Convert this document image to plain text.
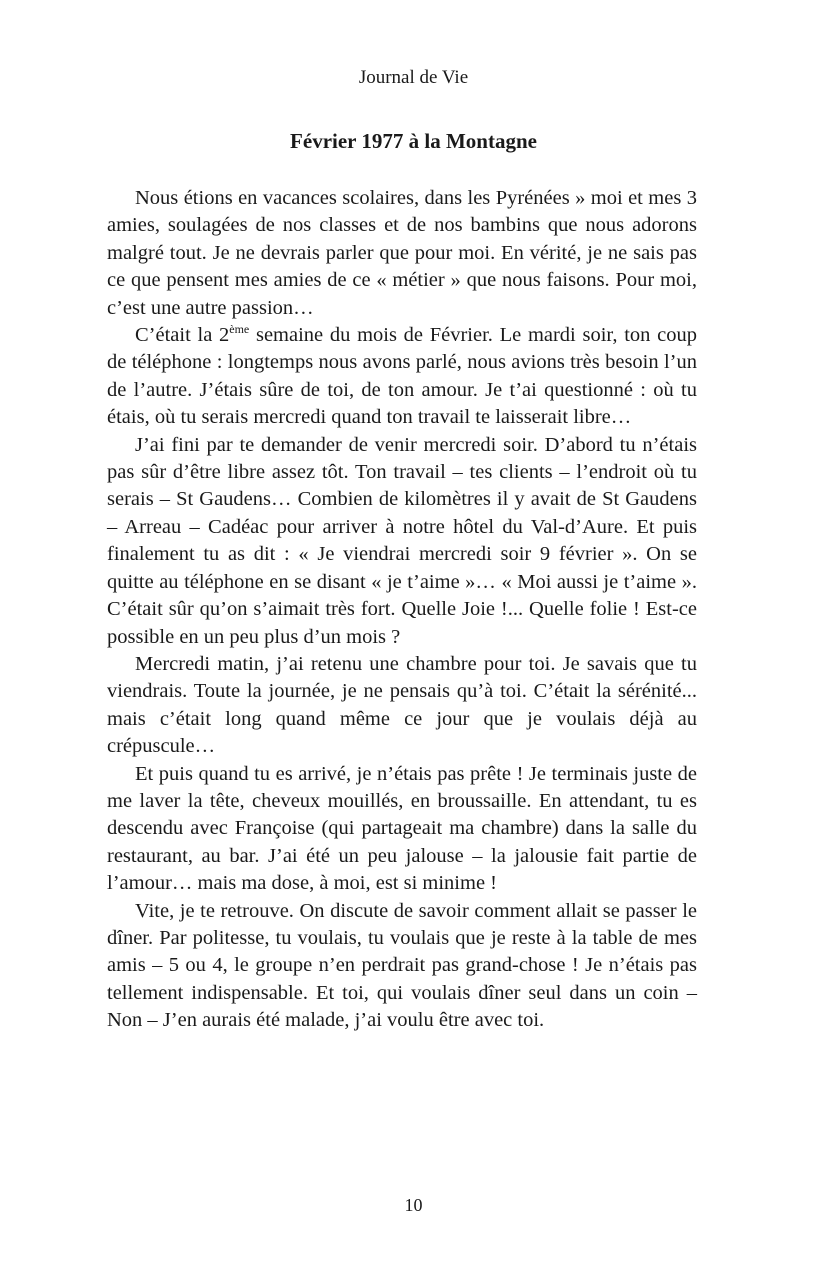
Journal de Vie
Février 1977 à la Montagne

Nous étions en vacances scolaires, dans les Pyrénées » moi et mes 3 amies, soulagées de nos classes et de nos bambins que nous adorons malgré tout. Je ne devrais parler que pour moi. En vérité, je ne sais pas ce que pensent mes amies de ce « métier » que nous faisons. Pour moi, c’est une autre passion…

C’était la 2ème semaine du mois de Février. Le mardi soir, ton coup de téléphone : longtemps nous avons parlé, nous avions très besoin l’un de l’autre. J’étais sûre de toi, de ton amour. Je t’ai questionné : où tu étais, où tu serais mercredi quand ton travail te laisserait libre…

J’ai fini par te demander de venir mercredi soir. D’abord tu n’étais pas sûr d’être libre assez tôt. Ton travail – tes clients – l’endroit où tu serais – St Gaudens… Combien de kilomètres il y avait de St Gaudens – Arreau – Cadéac pour arriver à notre hôtel du Val-d’Aure. Et puis finalement tu as dit : « Je viendrai mercredi soir 9 février ». On se quitte au téléphone en se disant « je t’aime »… « Moi aussi je t’aime ». C’était sûr qu’on s’aimait très fort. Quelle Joie !... Quelle folie ! Est-ce possible en un peu plus d’un mois ?

Mercredi matin, j’ai retenu une chambre pour toi. Je savais que tu viendrais. Toute la journée, je ne pensais qu’à toi. C’était la sérénité... mais c’était long quand même ce jour que je voulais déjà au crépuscule…

Et puis quand tu es arrivé, je n’étais pas prête ! Je terminais juste de me laver la tête, cheveux mouillés, en broussaille. En attendant, tu es descendu avec Françoise (qui partageait ma chambre) dans la salle du restaurant, au bar. J’ai été un peu jalouse – la jalousie fait partie de l’amour… mais ma dose, à moi, est si minime !

Vite, je te retrouve. On discute de savoir comment allait se passer le dîner. Par politesse, tu voulais, tu voulais que je reste à la table de mes amis – 5 ou 4, le groupe n’en perdrait pas grand-chose ! Je n’étais pas tellement indispensable. Et toi, qui voulais dîner seul dans un coin – Non – J’en aurais été malade, j’ai voulu être avec toi.

10
